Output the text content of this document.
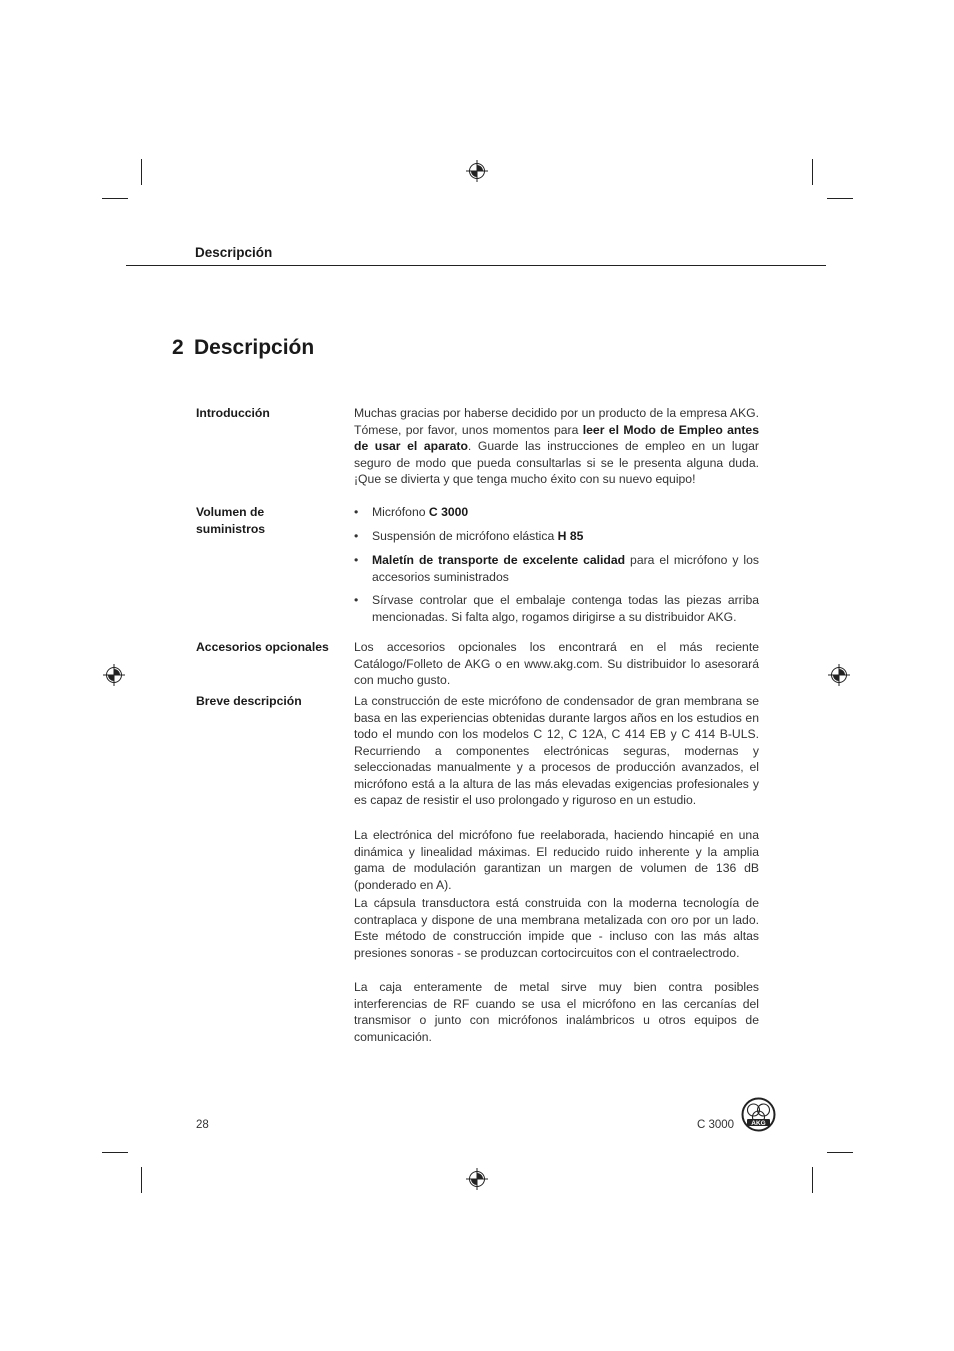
Descripción
2 Descripción
Introducción	Muchas gracias por haberse decidido por un producto de la empresa AKG. Tómese, por favor, unos momentos para leer el Modo de Empleo antes de usar el aparato. Guarde las instrucciones de empleo en un lugar seguro de modo que pueda consultarlas si se le presenta alguna duda. ¡Que se divierta y que tenga mucho éxito con su nuevo equipo!
Volumen de suministros
•	Micrófono C 3000
•	Suspensión de micrófono elástica H 85
•	Maletín de transporte de excelente calidad para el micrófono y los accesorios suministrados
•	Sírvase controlar que el embalaje contenga todas las piezas arriba mencionadas. Si falta algo, rogamos dirigirse a su distribuidor AKG.
Accesorios opcionales	Los accesorios opcionales los encontrará en el más reciente Catálogo/Folleto de AKG o en www.akg.com. Su distribuidor lo asesorará con mucho gusto.
Breve descripción	La construcción de este micrófono de condensador de gran membrana se basa en las experiencias obtenidas durante largos años en los estudios en todo el mundo con los modelos C 12, C 12A, C 414 EB y C 414 B-ULS. Recurriendo a componentes electrónicas seguras, modernas y seleccionadas manualmente y a procesos de producción avanzados, el micrófono está a la altura de las más elevadas exigencias profesionales y es capaz de resistir el uso prolongado y riguroso en un estudio.
La electrónica del micrófono fue reelaborada, haciendo hincapié en una dinámica y linealidad máximas. El reducido ruido inherente y la amplia gama de modulación garantizan un margen de volumen de 136 dB (ponderado en A).
La cápsula transductora está construida con la moderna tecnología de contraplaca y dispone de una membrana metalizada con oro por un lado. Este método de construcción impide que - incluso con las más altas presiones sonoras - se produzcan cortocircuitos con el contraelectrodo.
La caja enteramente de metal sirve muy bien contra posibles interferencias de RF cuando se usa el micrófono en las cercanías del transmisor o junto con micrófonos inalámbricos u otros equipos de comunicación.
28	C 3000	AKG
